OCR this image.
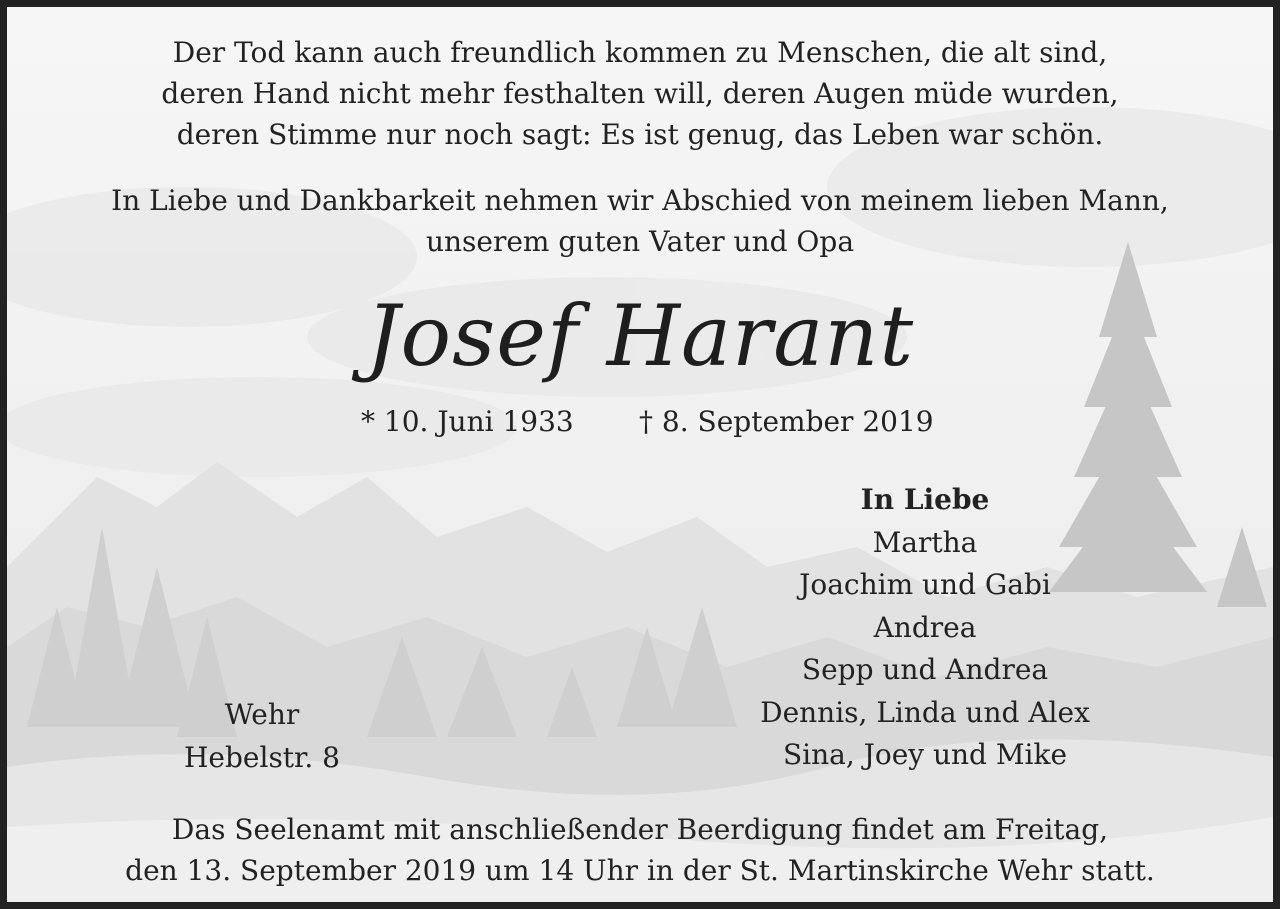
Der Tod kann auch freundlich kommen zu Menschen, die alt sind,
deren Hand nicht mehr festhalten will, deren Augen müde wurden,
deren Stimme nur noch sagt: Es ist genug, das Leben war schön.
In Liebe und Dankbarkeit nehmen wir Abschied von meinem lieben Mann,
unserem guten Vater und Opa
Josef Harant
* 10. Juni 1933 † 8. September 2019
In Liebe
Martha
Joachim und Gabi
Andrea
Sepp und Andrea
Dennis, Linda und Alex
Sina, Joey und Mike
Wehr
Hebelstr. 8
Das Seelenamt mit anschließender Beerdigung findet am Freitag,
den 13. September 2019 um 14 Uhr in der St. Martinskirche Wehr statt.
